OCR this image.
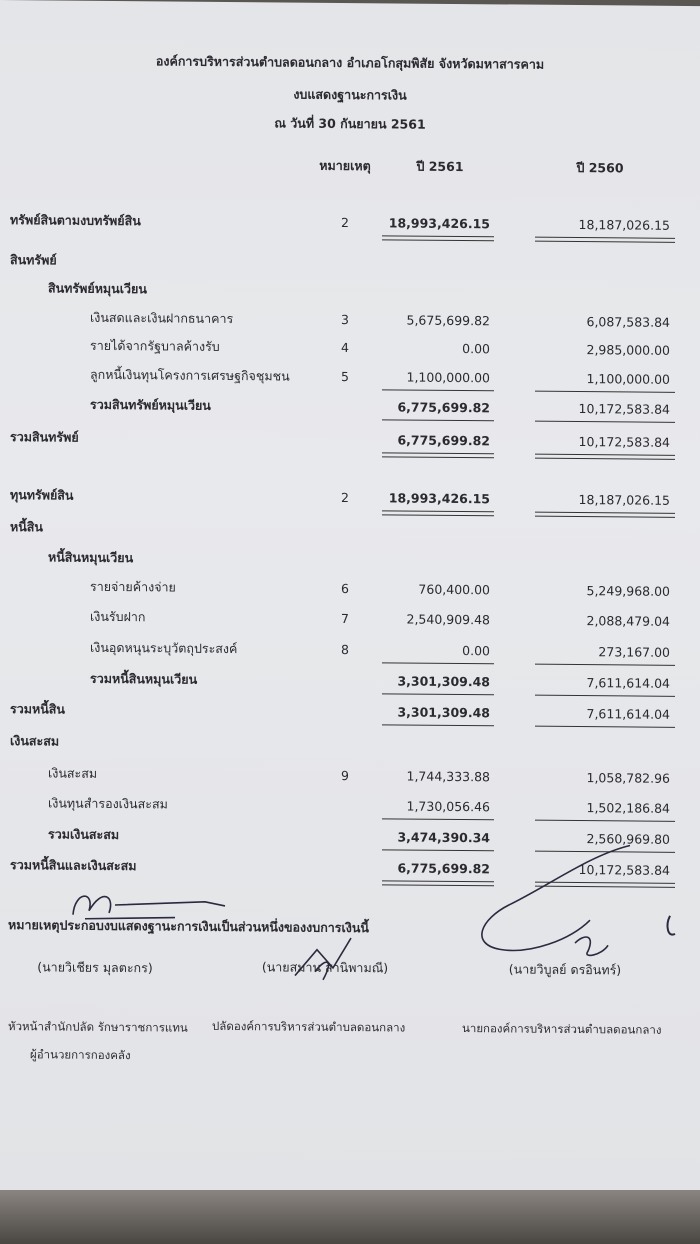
องค์การบริหารส่วนตำบลดอนกลาง อำเภอโกสุมพิสัย จังหวัดมหาสารคาม
งบแสดงฐานะการเงิน
ณ วันที่ 30 กันยายน 2561
หมายเหตุ	ปี 2561	ปี 2560
ทรัพย์สินตามงบทรัพย์สิน	2	18,993,426.15	18,187,026.15
สินทรัพย์
สินทรัพย์หมุนเวียน
เงินสดและเงินฝากธนาคาร	3	5,675,699.82	6,087,583.84
รายได้จากรัฐบาลค้างรับ	4	0.00	2,985,000.00
ลูกหนี้เงินทุนโครงการเศรษฐกิจชุมชน	5	1,100,000.00	1,100,000.00
รวมสินทรัพย์หมุนเวียน	6,775,699.82	10,172,583.84
รวมสินทรัพย์	6,775,699.82	10,172,583.84
ทุนทรัพย์สิน	2	18,993,426.15	18,187,026.15
หนี้สิน
หนี้สินหมุนเวียน
รายจ่ายค้างจ่าย	6	760,400.00	5,249,968.00
เงินรับฝาก	7	2,540,909.48	2,088,479.04
เงินอุดหนุนระบุวัตถุประสงค์	8	0.00	273,167.00
รวมหนี้สินหมุนเวียน	3,301,309.48	7,611,614.04
รวมหนี้สิน	3,301,309.48	7,611,614.04
เงินสะสม
เงินสะสม	9	1,744,333.88	1,058,782.96
เงินทุนสำรองเงินสะสม	1,730,056.46	1,502,186.84
รวมเงินสะสม	3,474,390.34	2,560,969.80
รวมหนี้สินและเงินสะสม	6,775,699.82	10,172,583.84
หมายเหตุประกอบงบแสดงฐานะการเงินเป็นส่วนหนึ่งของงบการเงินนี้
(นายวิเชียร มุลตะกร)	(นายสมาน สานิพามณี)	(นายวิบูลย์ ดรอินทร์)
หัวหน้าสำนักปลัด รักษาราชการแทน
ผู้อำนวยการกองคลัง
ปลัดองค์การบริหารส่วนตำบลดอนกลาง	นายกองค์การบริหารส่วนตำบลดอนกลาง
